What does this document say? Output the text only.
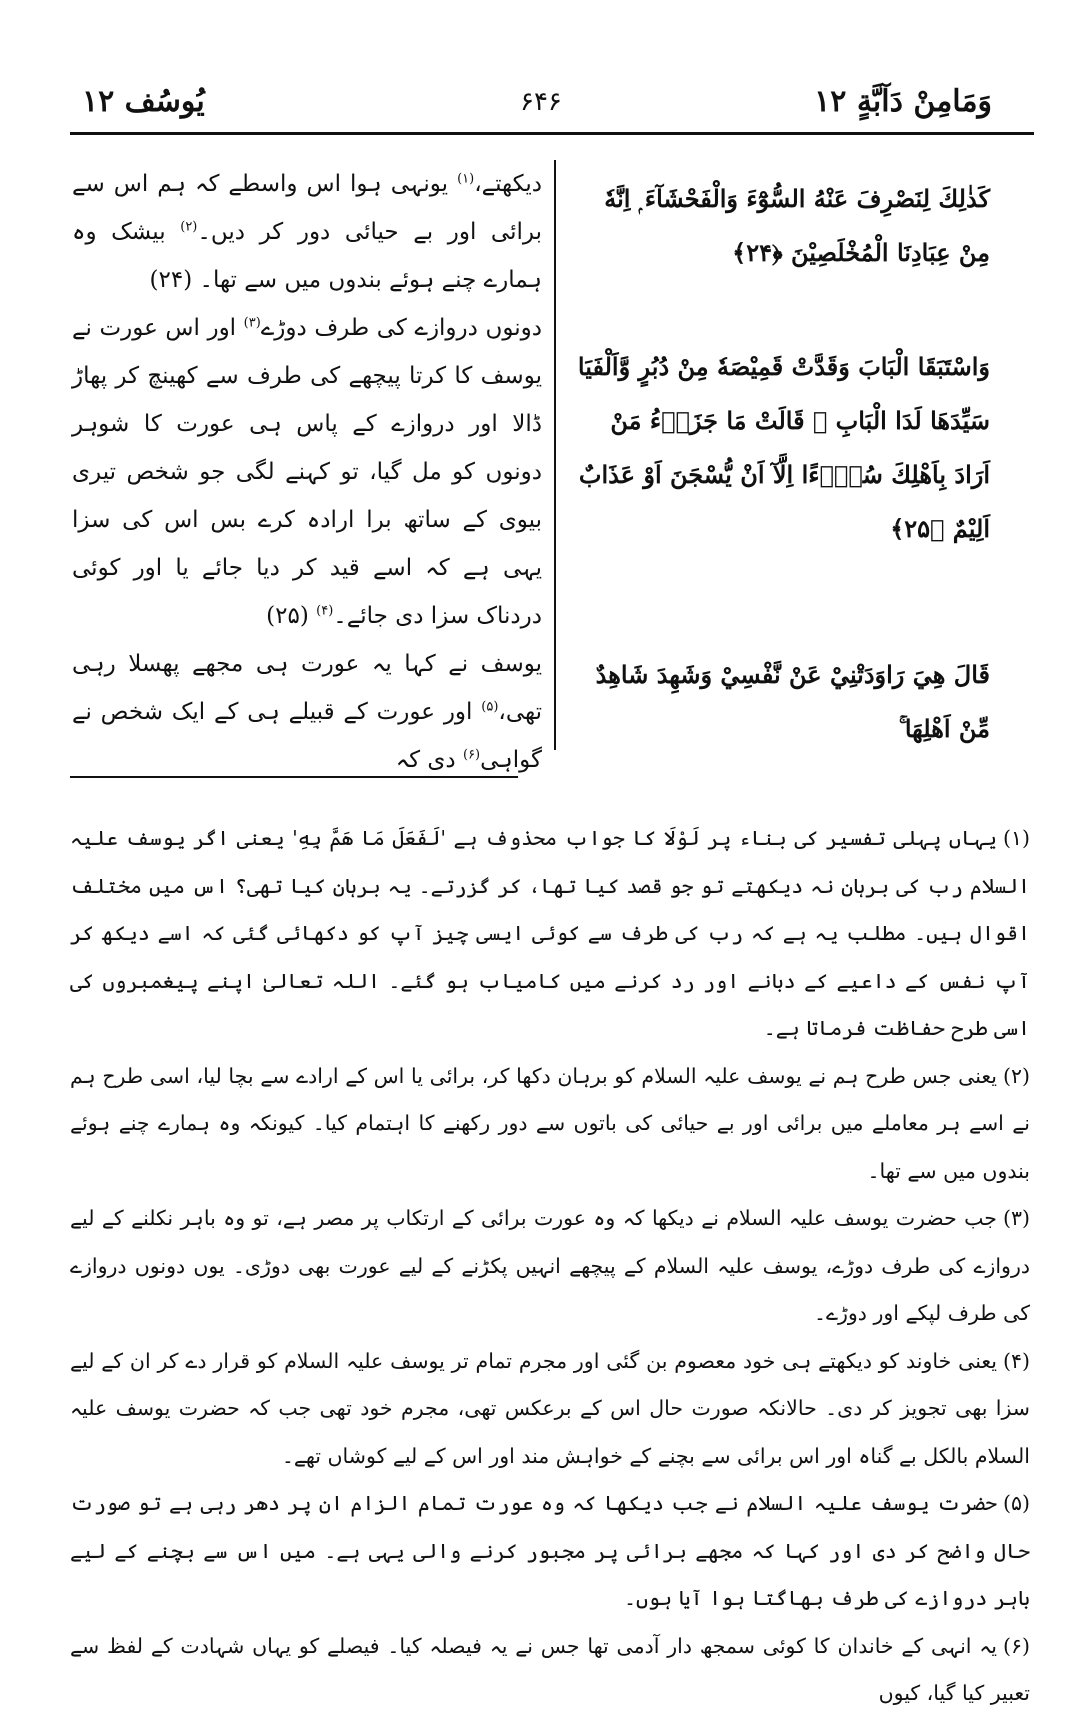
یُوسُف ۱۲	۶۴۶	وَمَامِنْ دَآبَّةٍ ۱۲

دیکھتے،$^{(۱)}$ یونہی ہوا اس واسطے کہ ہم اس سے برائی اور بے حیائی دور کر دیں۔$^{(۲)}$ بیشک وہ ہمارے چنے ہوئے بندوں میں سے تھا۔ (۲۴)

دونوں دروازے کی طرف دوڑے$^{(۳)}$ اور اس عورت نے یوسف کا کرتا پیچھے کی طرف سے کھینچ کر پھاڑ ڈالا اور دروازے کے پاس ہی عورت کا شوہر دونوں کو مل گیا، تو کہنے لگی جو شخص تیری بیوی کے ساتھ برا ارادہ کرے بس اس کی سزا یہی ہے کہ اسے قید کر دیا جائے یا اور کوئی دردناک سزا دی جائے۔$^{(۴)}$ (۲۵)

یوسف نے کہا یہ عورت ہی مجھے پھسلا رہی تھی،$^{(۵)}$ اور عورت کے قبیلے ہی کے ایک شخص نے گواہی$^{(۶)}$ دی کہ

كَذٰلِكَ لِنَصْرِفَ عَنْهُ السُّوْٓءَ وَالْفَحْشَآءَ ۭ اِنَّهٗ مِنْ عِبَادِنَا الْمُخْلَصِيْنَ ﴿۲۴﴾

وَاسْتَبَقَا الْبَابَ وَقَدَّتْ قَمِيْصَهٗ مِنْ دُبُرٍ وَّاَلْفَيَا سَيِّدَهَا لَدَا الْبَابِ ۭ قَالَتْ مَا جَزَاۗءُ مَنْ اَرَادَ بِاَهْلِكَ سُوْۗءًا اِلَّآ اَنْ يُّسْجَنَ اَوْ عَذَابٌ اَلِيْمٌ ﴿۲۵﴾

قَالَ هِيَ رَاوَدَتْنِيْ عَنْ نَّفْسِيْ وَشَهِدَ شَاهِدٌ مِّنْ اَهْلِهَا ۚ

(۱)یہاں پہلی تفسیر کی بناء پر لَوْلَا کا جواب محذوف ہے 'لَفَعَلَ مَا هَمَّ بِهِ' یعنی اگر یوسف علیہ السلام رب کی برہان نہ دیکھتے تو جو قصد کیا تھا، کر گزرتے۔ یہ برہان کیا تھی؟ اس میں مختلف اقوال ہیں۔ مطلب یہ ہے کہ رب کی طرف سے کوئی ایسی چیز آپ کو دکھائی گئی کہ اسے دیکھ کر آپ نفس کے داعیے کے دبانے اور رد کرنے میں کامیاب ہو گئے۔ اللہ تعالیٰ اپنے پیغمبروں کی اسی طرح حفاظت فرماتا ہے۔

(۲)یعنی جس طرح ہم نے یوسف علیہ السلام کو برہان دکھا کر، برائی یا اس کے ارادے سے بچا لیا، اسی طرح ہم نے اسے ہر معاملے میں برائی اور بے حیائی کی باتوں سے دور رکھنے کا اہتمام کیا۔ کیونکہ وہ ہمارے چنے ہوئے بندوں میں سے تھا۔

(۳)جب حضرت یوسف علیہ السلام نے دیکھا کہ وہ عورت برائی کے ارتکاب پر مصر ہے، تو وہ باہر نکلنے کے لیے دروازے کی طرف دوڑے، یوسف علیہ السلام کے پیچھے انہیں پکڑنے کے لیے عورت بھی دوڑی۔ یوں دونوں دروازے کی طرف لپکے اور دوڑے۔

(۴)یعنی خاوند کو دیکھتے ہی خود معصوم بن گئی اور مجرم تمام تر یوسف علیہ السلام کو قرار دے کر ان کے لیے سزا بھی تجویز کر دی۔ حالانکہ صورت حال اس کے برعکس تھی، مجرم خود تھی جب کہ حضرت یوسف علیہ السلام بالکل بے گناہ اور اس برائی سے بچنے کے خواہش مند اور اس کے لیے کوشاں تھے۔

(۵)حضرت یوسف علیہ السلام نے جب دیکھا کہ وہ عورت تمام الزام ان پر دھر رہی ہے تو صورت حال واضح کر دی اور کہا کہ مجھے برائی پر مجبور کرنے والی یہی ہے۔ میں اس سے بچنے کے لیے باہر دروازے کی طرف بھاگتا ہوا آیا ہوں۔

(۶)یہ انہی کے خاندان کا کوئی سمجھ دار آدمی تھا جس نے یہ فیصلہ کیا۔ فیصلے کو یہاں شہادت کے لفظ سے تعبیر کیا گیا، کیوں
